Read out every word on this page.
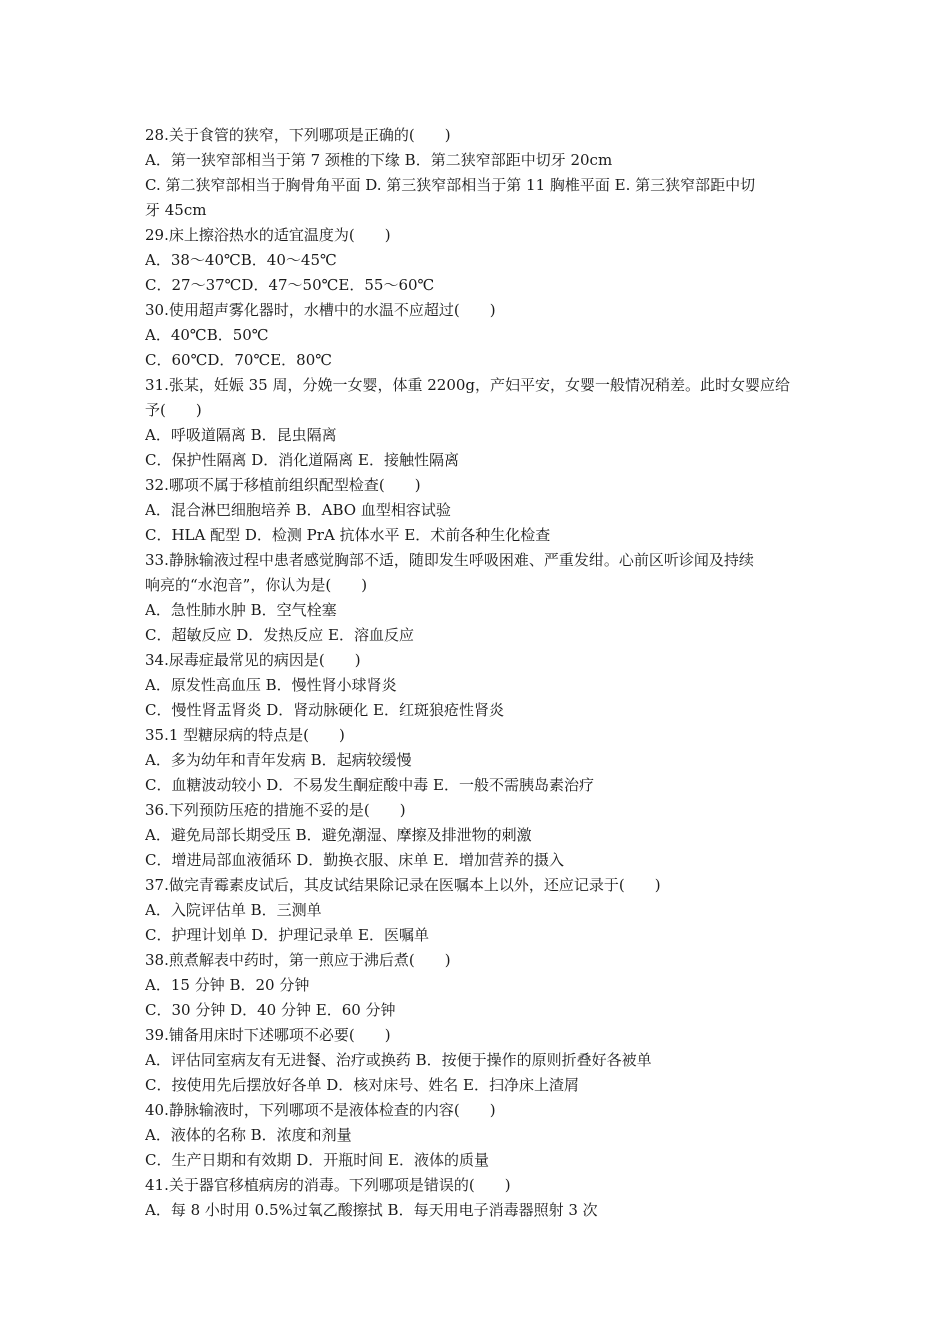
28.关于食管的狭窄，下列哪项是正确的(　　)
A．第一狭窄部相当于第 7 颈椎的下缘 B．第二狭窄部距中切牙 20cm
C. 第二狭窄部相当于胸骨角平面 D. 第三狭窄部相当于第 11 胸椎平面 E. 第三狭窄部距中切
牙 45cm
29.床上擦浴热水的适宜温度为(　　)
A．38～40℃B．40～45℃
C．27～37℃D．47～50℃E．55～60℃
30.使用超声雾化器时，水槽中的水温不应超过(　　)
A．40℃B．50℃
C．60℃D．70℃E．80℃
31.张某，妊娠 35 周，分娩一女婴，体重 2200g，产妇平安，女婴一般情况稍差。此时女婴应给
予(　　)
A．呼吸道隔离 B．昆虫隔离
C．保护性隔离 D．消化道隔离 E．接触性隔离
32.哪项不属于移植前组织配型检查(　　)
A．混合淋巴细胞培养 B．ABO 血型相容试验
C．HLA 配型 D．检测 PrA 抗体水平 E．术前各种生化检查
33.静脉输液过程中患者感觉胸部不适，随即发生呼吸困难、严重发绀。心前区听诊闻及持续
响亮的“水泡音”，你认为是(　　)
A．急性肺水肿 B．空气栓塞
C．超敏反应 D．发热反应 E．溶血反应
34.尿毒症最常见的病因是(　　)
A．原发性高血压 B．慢性肾小球肾炎
C．慢性肾盂肾炎 D．肾动脉硬化 E．红斑狼疮性肾炎
35.1 型糖尿病的特点是(　　)
A．多为幼年和青年发病 B．起病较缓慢
C．血糖波动较小 D．不易发生酮症酸中毒 E．一般不需胰岛素治疗
36.下列预防压疮的措施不妥的是(　　)
A．避免局部长期受压 B．避免潮湿、摩擦及排泄物的刺激
C．增进局部血液循环 D．勤换衣服、床单 E．增加营养的摄入
37.做完青霉素皮试后，其皮试结果除记录在医嘱本上以外，还应记录于(　　)
A．入院评估单 B．三测单
C．护理计划单 D．护理记录单 E．医嘱单
38.煎煮解表中药时，第一煎应于沸后煮(　　)
A．15 分钟 B．20 分钟
C．30 分钟 D．40 分钟 E．60 分钟
39.铺备用床时下述哪项不必要(　　)
A．评估同室病友有无进餐、治疗或换药 B．按便于操作的原则折叠好各被单
C．按使用先后摆放好各单 D．核对床号、姓名 E．扫净床上渣屑
40.静脉输液时，下列哪项不是液体检查的内容(　　)
A．液体的名称 B．浓度和剂量
C．生产日期和有效期 D．开瓶时间 E．液体的质量
41.关于器官移植病房的消毒。下列哪项是错误的(　　)
A．每 8 小时用 0.5%过氧乙酸擦拭 B．每天用电子消毒器照射 3 次
